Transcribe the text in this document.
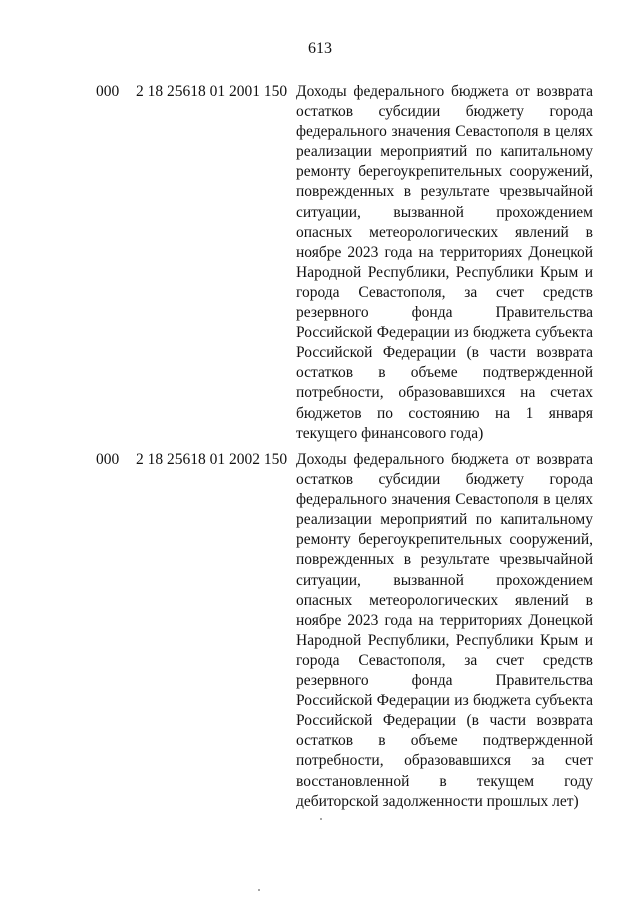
613
000 2 18 25618 01 2001 150 Доходы федерального бюджета от возврата остатков субсидии бюджету города федерального значения Севастополя в целях реализации мероприятий по капитальному ремонту берегоукрепительных сооружений, поврежденных в результате чрезвычайной ситуации, вызванной прохождением опасных метеорологических явлений в ноябре 2023 года на территориях Донецкой Народной Республики, Республики Крым и города Севастополя, за счет средств резервного фонда Правительства Российской Федерации из бюджета субъекта Российской Федерации (в части возврата остатков в объеме подтвержденной потребности, образовавшихся на счетах бюджетов по состоянию на 1 января текущего финансового года)

000 2 18 25618 01 2002 150 Доходы федерального бюджета от возврата остатков субсидии бюджету города федерального значения Севастополя в целях реализации мероприятий по капитальному ремонту берегоукрепительных сооружений, поврежденных в результате чрезвычайной ситуации, вызванной прохождением опасных метеорологических явлений в ноябре 2023 года на территориях Донецкой Народной Республики, Республики Крым и города Севастополя, за счет средств резервного фонда Правительства Российской Федерации из бюджета субъекта Российской Федерации (в части возврата остатков в объеме подтвержденной потребности, образовавшихся за счет восстановленной в текущем году дебиторской задолженности прошлых лет)
